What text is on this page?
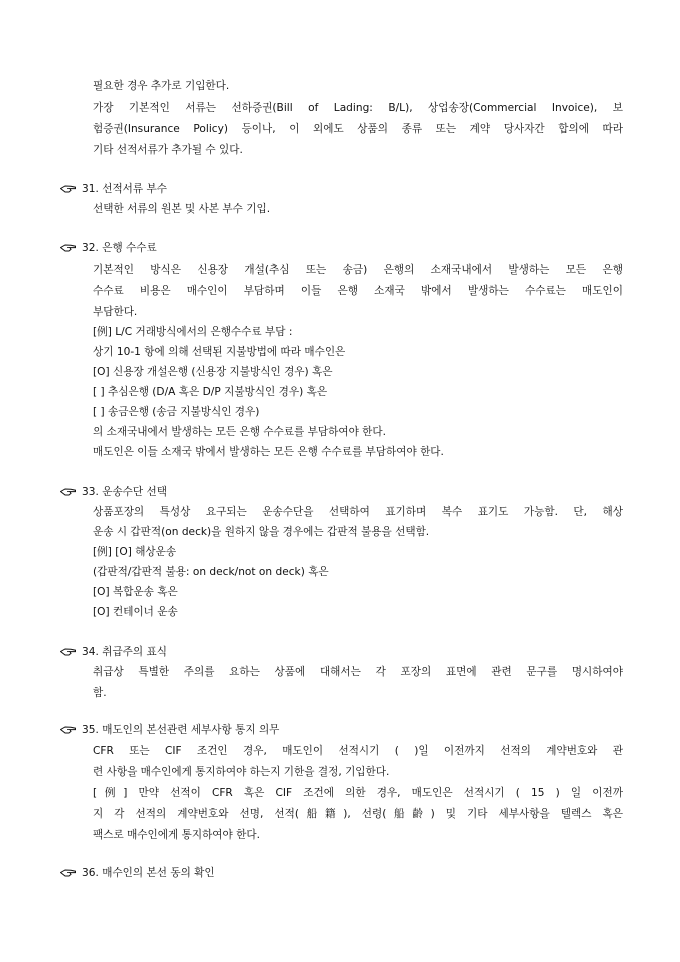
필요한 경우 추가로 기입한다.
가장 기본적인 서류는 선하증권(Bill of Lading: B/L), 상업송장(Commercial Invoice), 보
험증권(Insurance Policy) 등이나, 이 외에도 상품의 종류 또는 계약 당사자간 합의에 따라
기타 선적서류가 추가될 수 있다.
31. 선적서류 부수
선택한 서류의 원본 및 사본 부수 기입.
32. 은행 수수료
기본적인 방식은 신용장 개설(추심 또는 송금) 은행의 소재국내에서 발생하는 모든 은행
수수료 비용은 매수인이 부담하며 이들 은행 소재국 밖에서 발생하는 수수료는 매도인이
부담한다.
[例] L/C 거래방식에서의 은행수수료 부담 :
상기 10-1 항에 의해 선택된 지불방법에 따라 매수인은
[O] 신용장 개설은행 (신용장 지불방식인 경우) 혹은
[ ] 추심은행 (D/A 혹은 D/P 지불방식인 경우) 혹은
[ ] 송금은행 (송금 지불방식인 경우)
의 소재국내에서 발생하는 모든 은행 수수료를 부담하여야 한다.
매도인은 이들 소재국 밖에서 발생하는 모든 은행 수수료를 부담하여야 한다.
33. 운송수단 선택
상품포장의 특성상 요구되는 운송수단을 선택하여 표기하며 복수 표기도 가능함. 단, 해상
운송 시 갑판적(on deck)을 원하지 않을 경우에는 갑판적 불용을 선택함.
[例] [O] 해상운송
(갑판적/갑판적 불용: on deck/not on deck) 혹은
[O] 복합운송 혹은
[O] 컨테이너 운송
34. 취급주의 표식
취급상 특별한 주의를 요하는 상품에 대해서는 각 포장의 표면에 관련 문구를 명시하여야
함.
35. 매도인의 본선관련 세부사항 통지 의무
CFR 또는 CIF 조건인 경우, 매도인이 선적시기 ( )일 이전까지 선적의 계약번호와 관
련 사항을 매수인에게 통지하여야 하는지 기한을 결정, 기입한다.
[例] 만약 선적이 CFR 혹은 CIF 조건에 의한 경우, 매도인은 선적시기 ( 15 ) 일 이전까
지 각 선적의 계약번호와 선명, 선적(船籍), 선령(船齡) 및 기타 세부사항을 텔렉스 혹은
팩스로 매수인에게 통지하여야 한다.
36. 매수인의 본선 동의 확인
